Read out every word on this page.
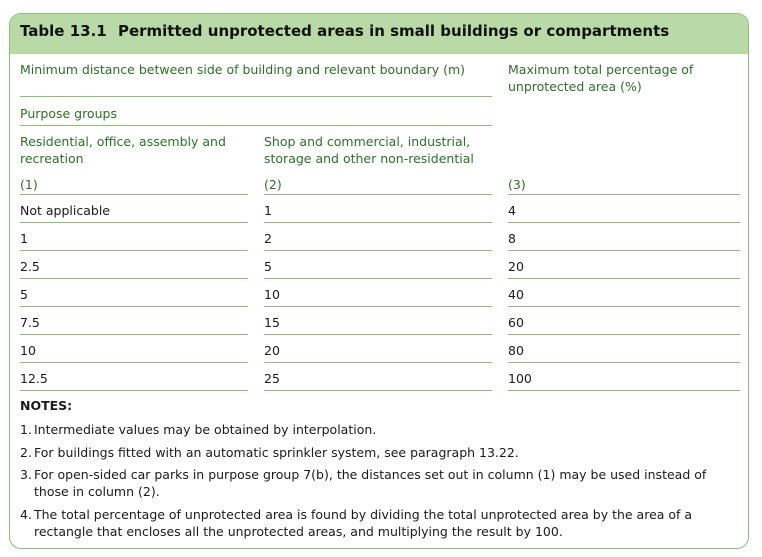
Table 13.1 Permitted unprotected areas in small buildings or compartments
Minimum distance between side of building and relevant boundary (m)	Maximum total percentage of unprotected area (%)
Purpose groups
Residential, office, assembly and recreation
Shop and commercial, industrial, storage and other non-residential
(1)	(2)	(3)
Not applicable	1	4
1	2	8
2.5	5	20
5	10	40
7.5	15	60
10	20	80
12.5	25	100
NOTES:
1. Intermediate values may be obtained by interpolation.
2. For buildings fitted with an automatic sprinkler system, see paragraph 13.22.
3. For open-sided car parks in purpose group 7(b), the distances set out in column (1) may be used instead of those in column (2).
4. The total percentage of unprotected area is found by dividing the total unprotected area by the area of a rectangle that encloses all the unprotected areas, and multiplying the result by 100.
